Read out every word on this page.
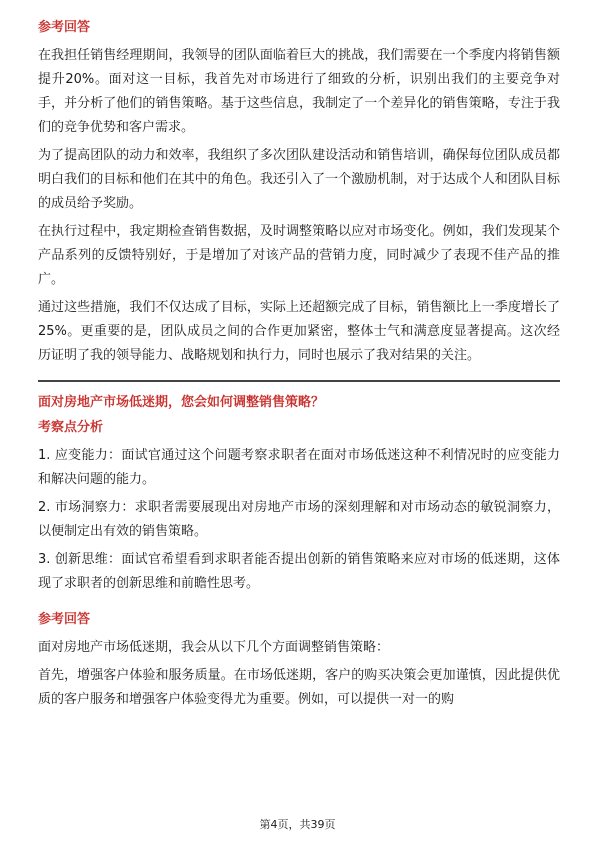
参考回答

在我担任销售经理期间，我领导的团队面临着巨大的挑战，我们需要在一个季度内将销售额提升20%。面对这一目标，我首先对市场进行了细致的分析，识别出我们的主要竞争对手，并分析了他们的销售策略。基于这些信息，我制定了一个差异化的销售策略，专注于我们的竞争优势和客户需求。

为了提高团队的动力和效率，我组织了多次团队建设活动和销售培训，确保每位团队成员都明白我们的目标和他们在其中的角色。我还引入了一个激励机制，对于达成个人和团队目标的成员给予奖励。

在执行过程中，我定期检查销售数据，及时调整策略以应对市场变化。例如，我们发现某个产品系列的反馈特别好，于是增加了对该产品的营销力度，同时减少了表现不佳产品的推广。

通过这些措施，我们不仅达成了目标，实际上还超额完成了目标，销售额比上一季度增长了25%。更重要的是，团队成员之间的合作更加紧密，整体士气和满意度显著提高。这次经历证明了我的领导能力、战略规划和执行力，同时也展示了我对结果的关注。

面对房地产市场低迷期，您会如何调整销售策略？
考察点分析

1. 应变能力：面试官通过这个问题考察求职者在面对市场低迷这种不利情况时的应变能力和解决问题的能力。

2. 市场洞察力：求职者需要展现出对房地产市场的深刻理解和对市场动态的敏锐洞察力，以便制定出有效的销售策略。

3. 创新思维：面试官希望看到求职者能否提出创新的销售策略来应对市场的低迷期，这体现了求职者的创新思维和前瞻性思考。

参考回答

面对房地产市场低迷期，我会从以下几个方面调整销售策略：

首先，增强客户体验和服务质量。在市场低迷期，客户的购买决策会更加谨慎，因此提供优质的客户服务和增强客户体验变得尤为重要。例如，可以提供一对一的购

第4页，共39页
